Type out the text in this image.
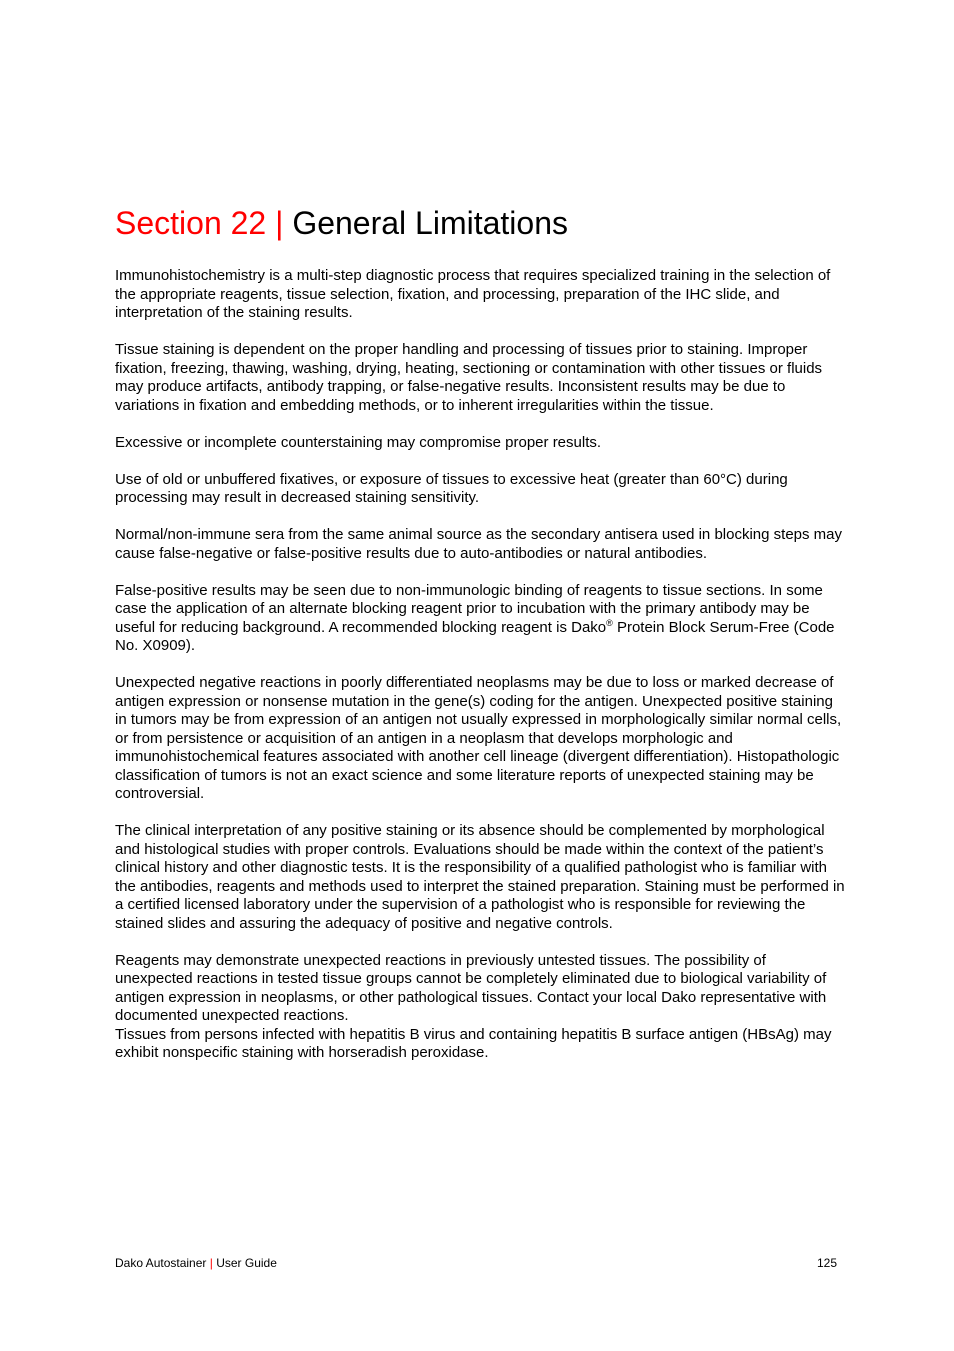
Section 22 | General Limitations

Immunohistochemistry is a multi-step diagnostic process that requires specialized training in the selection of the appropriate reagents, tissue selection, fixation, and processing, preparation of the IHC slide, and interpretation of the staining results.

Tissue staining is dependent on the proper handling and processing of tissues prior to staining. Improper fixation, freezing, thawing, washing, drying, heating, sectioning or contamination with other tissues or fluids may produce artifacts, antibody trapping, or false-negative results. Inconsistent results may be due to variations in fixation and embedding methods, or to inherent irregularities within the tissue.

Excessive or incomplete counterstaining may compromise proper results.

Use of old or unbuffered fixatives, or exposure of tissues to excessive heat (greater than 60°C) during processing may result in decreased staining sensitivity.

Normal/non-immune sera from the same animal source as the secondary antisera used in blocking steps may cause false-negative or false-positive results due to auto-antibodies or natural antibodies.

False-positive results may be seen due to non-immunologic binding of reagents to tissue sections. In some case the application of an alternate blocking reagent prior to incubation with the primary antibody may be useful for reducing background. A recommended blocking reagent is Dako® Protein Block Serum-Free (Code No. X0909).

Unexpected negative reactions in poorly differentiated neoplasms may be due to loss or marked decrease of antigen expression or nonsense mutation in the gene(s) coding for the antigen. Unexpected positive staining in tumors may be from expression of an antigen not usually expressed in morphologically similar normal cells, or from persistence or acquisition of an antigen in a neoplasm that develops morphologic and immunohistochemical features associated with another cell lineage (divergent differentiation). Histopathologic classification of tumors is not an exact science and some literature reports of unexpected staining may be controversial.

The clinical interpretation of any positive staining or its absence should be complemented by morphological and histological studies with proper controls. Evaluations should be made within the context of the patient’s clinical history and other diagnostic tests. It is the responsibility of a qualified pathologist who is familiar with the antibodies, reagents and methods used to interpret the stained preparation. Staining must be performed in a certified licensed laboratory under the supervision of a pathologist who is responsible for reviewing the stained slides and assuring the adequacy of positive and negative controls.

Reagents may demonstrate unexpected reactions in previously untested tissues. The possibility of unexpected reactions in tested tissue groups cannot be completely eliminated due to biological variability of antigen expression in neoplasms, or other pathological tissues. Contact your local Dako representative with documented unexpected reactions.

Tissues from persons infected with hepatitis B virus and containing hepatitis B surface antigen (HBsAg) may exhibit nonspecific staining with horseradish peroxidase.

Dako Autostainer | User Guide	125
